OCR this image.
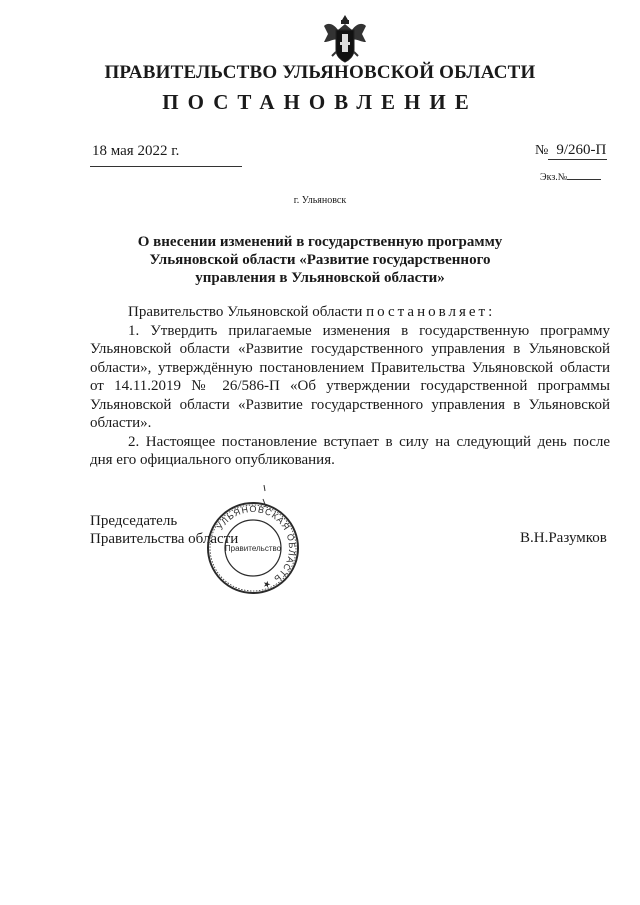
ПРАВИТЕЛЬСТВО УЛЬЯНОВСКОЙ ОБЛАСТИ
ПОСТАНОВЛЕНИЕ
18 мая 2022 г.	№ 9/260-П
Экз.№
г. Ульяновск
О внесении изменений в государственную программу
Ульяновской области «Развитие государственного
управления в Ульяновской области»

Правительство Ульяновской области постановляет:

1. Утвердить прилагаемые изменения в государственную программу Ульяновской области «Развитие государственного управления в Ульяновской области», утверждённую постановлением Правительства Ульяновской области от 14.11.2019 № 26/586-П «Об утверждении государственной программы Ульяновской области «Развитие государственного управления в Ульяновской области».

2. Настоящее постановление вступает в силу на следующий день после дня его официального опубликования.

Председатель
Правительства области	В.Н.Разумков
УЛЬЯНОВСКАЯ ОБЛАСТЬ ★
Правительство
